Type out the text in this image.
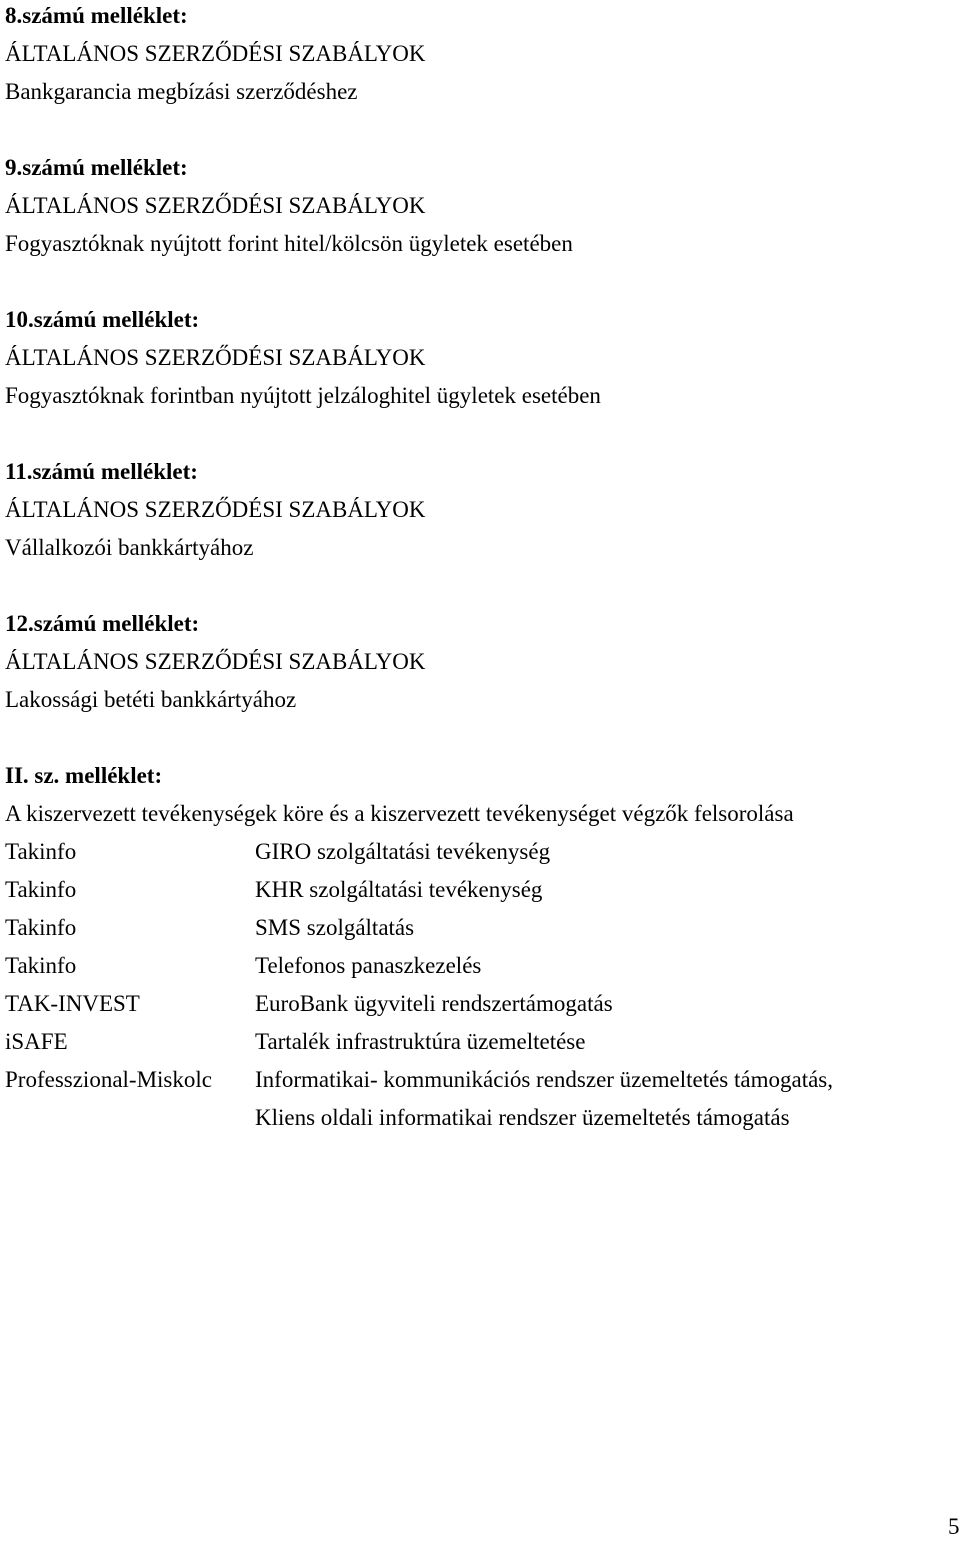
8.számú melléklet:
ÁLTALÁNOS SZERZŐDÉSI SZABÁLYOK
Bankgarancia megbízási szerződéshez
9.számú melléklet:
ÁLTALÁNOS SZERZŐDÉSI SZABÁLYOK
Fogyasztóknak nyújtott forint hitel/kölcsön ügyletek esetében
10.számú melléklet:
ÁLTALÁNOS SZERZŐDÉSI SZABÁLYOK
Fogyasztóknak forintban nyújtott jelzáloghitel ügyletek esetében
11.számú melléklet:
ÁLTALÁNOS SZERZŐDÉSI SZABÁLYOK
Vállalkozói bankkártyához
12.számú melléklet:
ÁLTALÁNOS SZERZŐDÉSI SZABÁLYOK
Lakossági betéti bankkártyához
II. sz. melléklet:
A kiszervezett tevékenységek köre és a kiszervezett tevékenységet végzők felsorolása
Takinfo	GIRO szolgáltatási tevékenység
Takinfo	KHR szolgáltatási tevékenység
Takinfo	SMS szolgáltatás
Takinfo	Telefonos panaszkezelés
TAK-INVEST	EuroBank ügyviteli rendszertámogatás
iSAFE	Tartalék infrastruktúra üzemeltetése
Professzional-Miskolc	Informatikai- kommunikációs rendszer üzemeltetés támogatás,
Kliens oldali informatikai rendszer üzemeltetés támogatás
5
